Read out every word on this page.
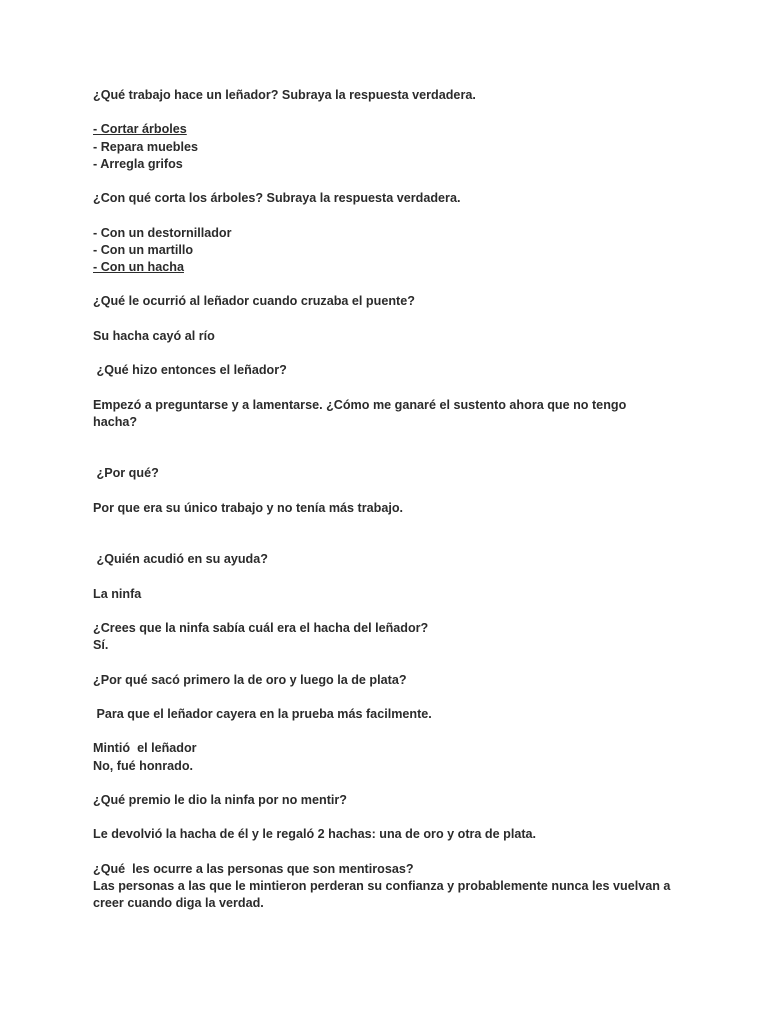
¿Qué trabajo hace un leñador? Subraya la respuesta verdadera.
- Cortar árboles
- Repara muebles
- Arregla grifos
¿Con qué corta los árboles? Subraya la respuesta verdadera.
- Con un destornillador
- Con un martillo
- Con un hacha
¿Qué le ocurrió al leñador cuando cruzaba el puente?
Su hacha cayó al río
¿Qué hizo entonces el leñador?
Empezó a preguntarse y a lamentarse. ¿Cómo me ganaré el sustento ahora que no tengo hacha?
¿Por qué?
Por que era su único trabajo y no tenía más trabajo.
¿Quién acudió en su ayuda?
La ninfa
¿Crees que la ninfa sabía cuál era el hacha del leñador?
Sí.
¿Por qué sacó primero la de oro y luego la de plata?
Para que el leñador cayera en la prueba más facilmente.
Mintió  el leñador
No, fué honrado.
¿Qué premio le dio la ninfa por no mentir?
Le devolvió la hacha de él y le regaló 2 hachas: una de oro y otra de plata.
¿Qué  les ocurre a las personas que son mentirosas?
Las personas a las que le mintieron perderan su confianza y probablemente nunca les vuelvan a creer cuando diga la verdad.
